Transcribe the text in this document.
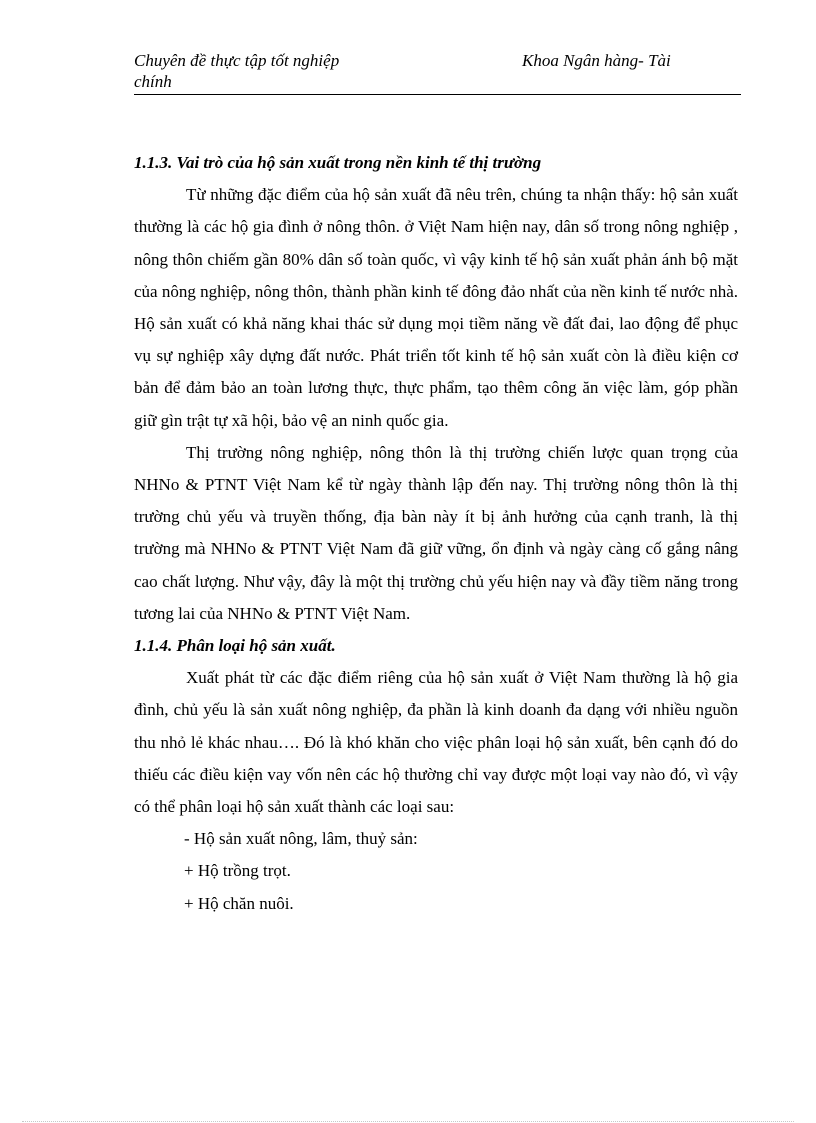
Chuyên đề thực tập tốt nghiệp	Khoa Ngân hàng- Tài
chính

1.1.3. Vai trò của hộ sản xuất trong nền kinh tế thị trường

Từ những đặc điểm của hộ sản xuất đã nêu trên, chúng ta nhận thấy: hộ sản xuất thường là các hộ gia đình ở nông thôn. ở Việt Nam hiện nay, dân số trong nông nghiệp , nông thôn chiếm gần 80% dân số toàn quốc, vì vậy kinh tế hộ sản xuất phản ánh bộ mặt của nông nghiệp, nông thôn, thành phần kinh tế đông đảo nhất của nền kinh tế nước nhà. Hộ sản xuất có khả năng khai thác sử dụng mọi tiềm năng về đất đai, lao động để phục vụ sự nghiệp xây dựng đất nước. Phát triển tốt kinh tế hộ sản xuất còn là điều kiện cơ bản để đảm bảo an toàn lương thực, thực phẩm, tạo thêm công ăn việc làm, góp phần giữ gìn trật tự xã hội, bảo vệ an ninh quốc gia.

Thị trường nông nghiệp, nông thôn là thị trường chiến lược quan trọng của NHNo & PTNT Việt Nam kể từ ngày thành lập đến nay. Thị trường nông thôn là thị trường chủ yếu và truyền thống, địa bàn này ít bị ảnh hưởng của cạnh tranh, là thị trường mà NHNo & PTNT Việt Nam đã giữ vững, ổn định và ngày càng cố gắng nâng cao chất lượng. Như vậy, đây là một thị trường chủ yếu hiện nay và đầy tiềm năng trong tương lai của NHNo & PTNT Việt Nam.

1.1.4. Phân loại hộ sản xuất.

Xuất phát từ các đặc điểm riêng của hộ sản xuất ở Việt Nam thường là hộ gia đình, chủ yếu là sản xuất nông nghiệp, đa phần là kinh doanh đa dạng với nhiều nguồn thu nhỏ lẻ khác nhau…. Đó là khó khăn cho việc phân loại hộ sản xuất, bên cạnh đó do thiếu các điều kiện vay vốn nên các hộ thường chỉ vay được một loại vay nào đó, vì vậy có thể phân loại hộ sản xuất thành các loại sau:

- Hộ sản xuất nông, lâm, thuỷ sản:

+ Hộ trồng trọt.

+ Hộ chăn nuôi.
